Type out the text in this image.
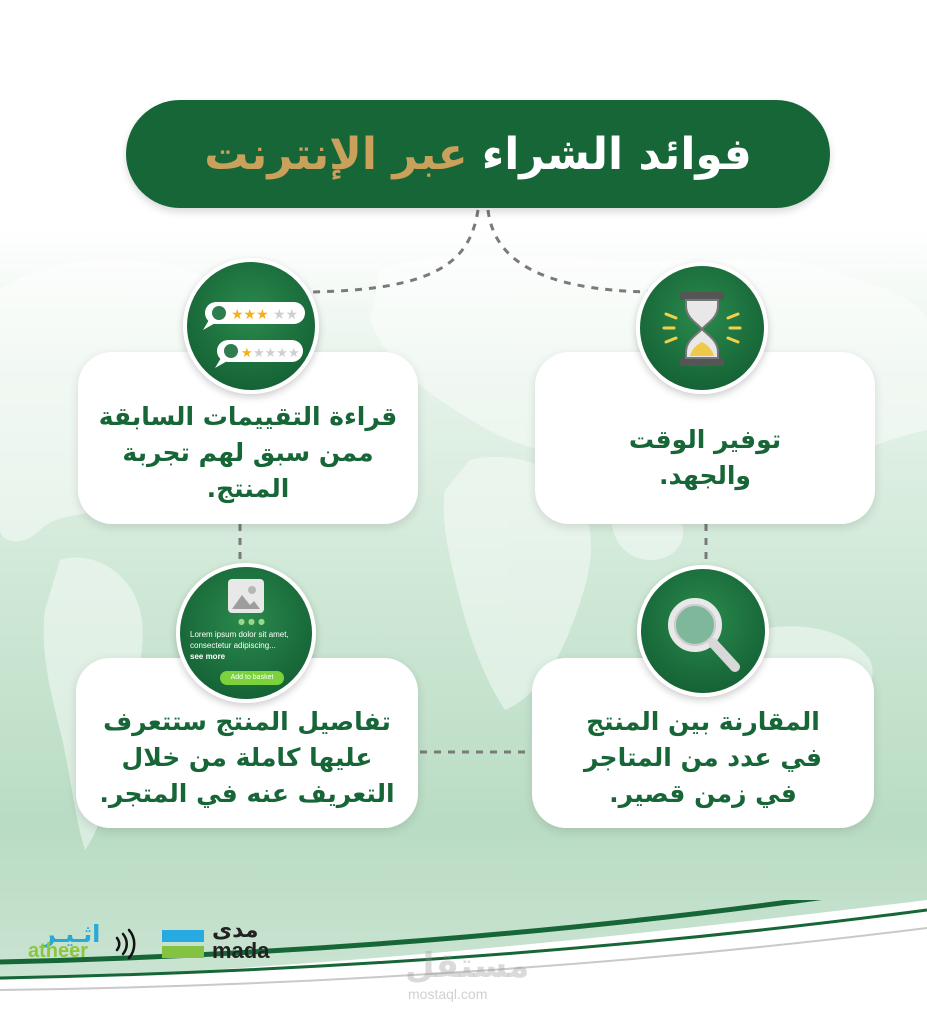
فوائد الشراء
عبر الإنترنت
توفير الوقت
والجهد.
قراءة التقييمات السابقة
ممن سبق لهم تجربة
المنتج.
★★★ ★★
★ ★★★★
المقارنة بين المنتج
في عدد من المتاجر
في زمن قصير.
تفاصيل المنتج ستتعرف
عليها كاملة من خلال
التعريف عنه في المتجر.
●●●
Lorem ipsum dolor sit amet,
consectetur adipiscing...
see more
Add to basket
اثـيـر
atheer
مدى
mada	مستقل
mostaql.com
